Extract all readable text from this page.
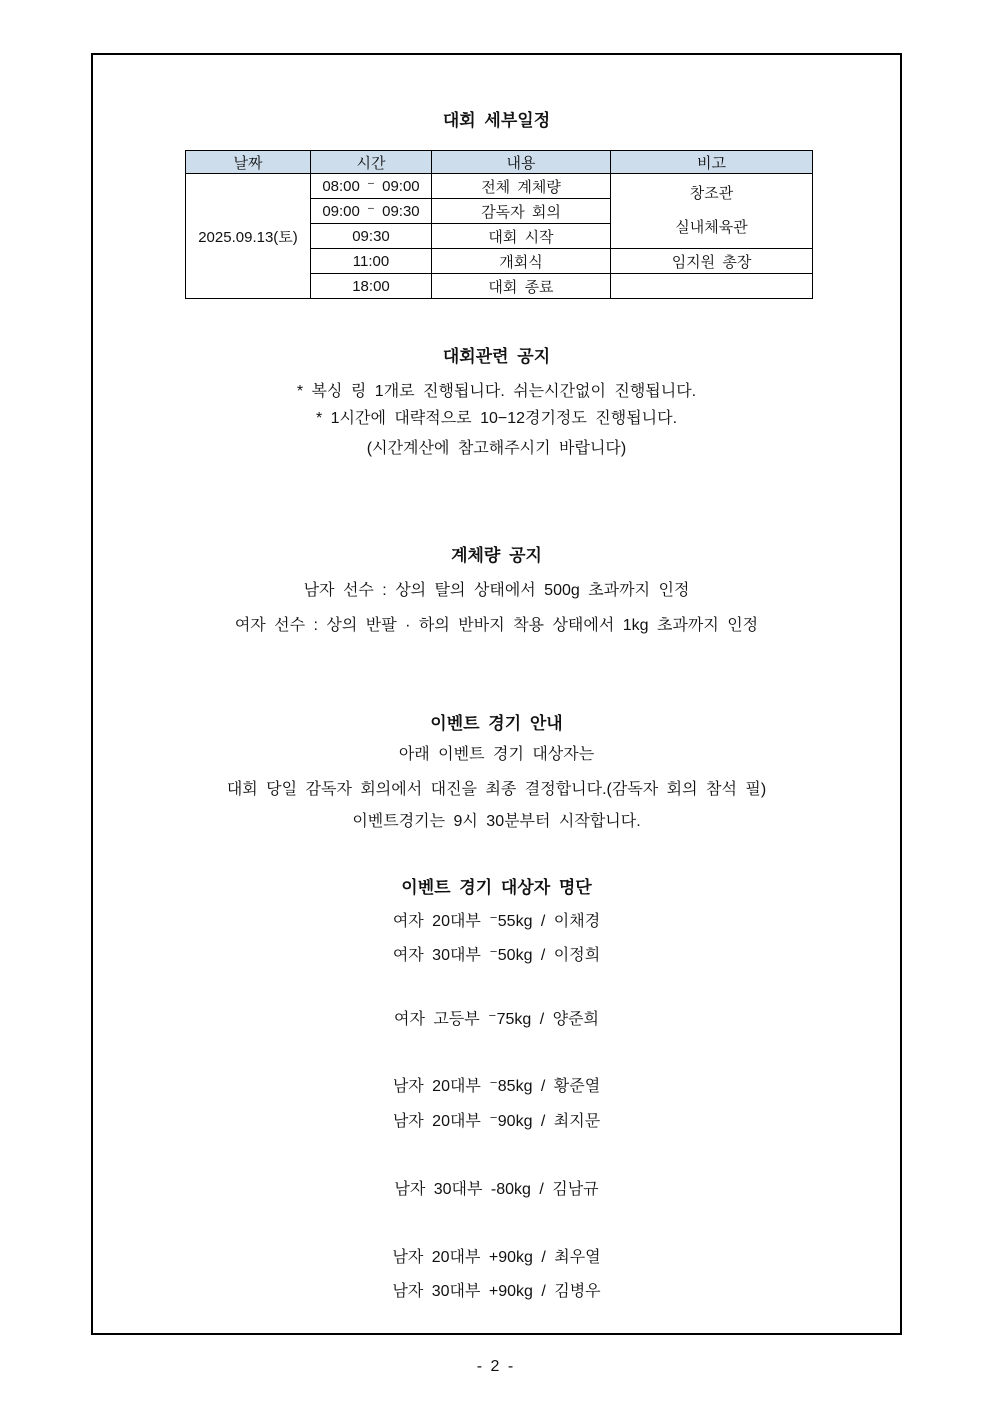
대회 세부일정
날짜	시간	내용	비고
2025.09.13(토)	08:00 ⁻ 09:00	전체 계체량	창조관
실내체육관

	09:00 ⁻ 09:30	감독자 회의	
	09:30	대회 시작	
	11:00	개회식	임지원 총장
	18:00	대회 종료	
대회관련 공지
* 복싱 링 1개로 진행됩니다. 쉬는시간없이 진행됩니다.
* 1시간에 대략적으로 10−12경기정도 진행됩니다.
(시간계산에 참고해주시기 바랍니다)
계체량 공지
남자 선수 : 상의 탈의 상태에서 500g 초과까지 인정
여자 선수 : 상의 반팔 · 하의 반바지 착용 상태에서 1kg 초과까지 인정
이벤트 경기 안내
아래 이벤트 경기 대상자는
대회 당일 감독자 회의에서 대진을 최종 결정합니다.(감독자 회의 참석 필)
이벤트경기는 9시 30분부터 시작합니다.
이벤트 경기 대상자 명단
여자 20대부 ⁻55kg / 이채경
여자 30대부 ⁻50kg / 이정희
여자 고등부 ⁻75kg / 양준희
남자 20대부 ⁻85kg / 황준열
남자 20대부 ⁻90kg / 최지문
남자 30대부 -80kg / 김남규
남자 20대부 +90kg / 최우열
남자 30대부 +90kg / 김병우
- 2 -
